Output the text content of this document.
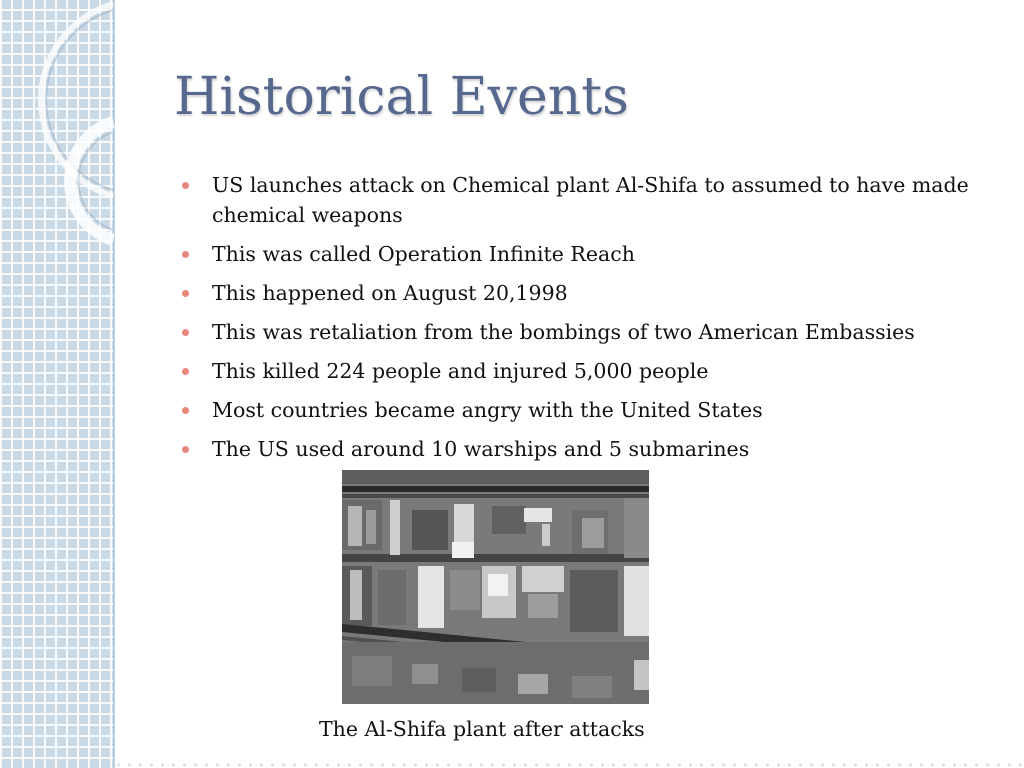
Historical Events
US launches attack on Chemical plant Al-Shifa to assumed to have made chemical weapons
This was called Operation Infinite Reach
This happened on August 20,1998
This was retaliation from the bombings of two American Embassies
This killed 224 people and injured 5,000 people
Most countries became angry with the United States
The US used around 10 warships and 5 submarines
The Al-Shifa plant after attacks
